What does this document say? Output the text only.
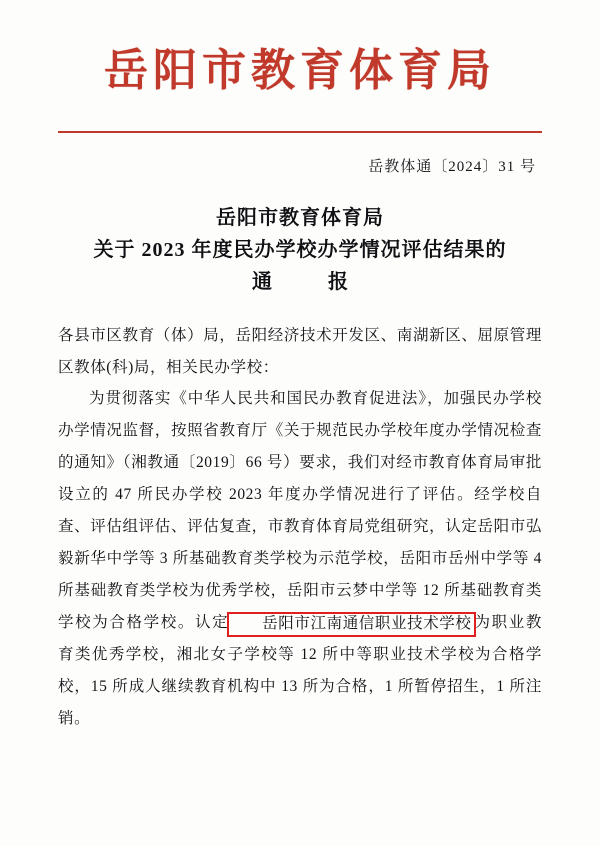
岳阳市教育体育局
岳教体通〔2024〕31 号
岳阳市教育体育局
关于 2023 年度民办学校办学情况评估结果的
通　报

各县市区教育（体）局，岳阳经济技术开发区、南湖新区、屈原管理区教体(科)局，相关民办学校：

为贯彻落实《中华人民共和国民办教育促进法》，加强民办学校办学情况监督，按照省教育厅《关于规范民办学校年度办学情况检查的通知》（湘教通〔2019〕66 号）要求，我们对经市教育体育局审批设立的 47 所民办学校 2023 年度办学情况进行了评估。经学校自查、评估组评估、评估复查，市教育体育局党组研究，认定岳阳市弘毅新华中学等 3 所基础教育类学校为示范学校，岳阳市岳州中学等 4 所基础教育类学校为优秀学校，岳阳市云梦中学等 12 所基础教育类学校为合格学校。认定 岳阳市江南通信职业技术学校 为职业教育类优秀学校，湘北女子学校等 12 所中等职业技术学校为合格学校，15 所成人继续教育机构中 13 所为合格，1 所暂停招生，1 所注销。
